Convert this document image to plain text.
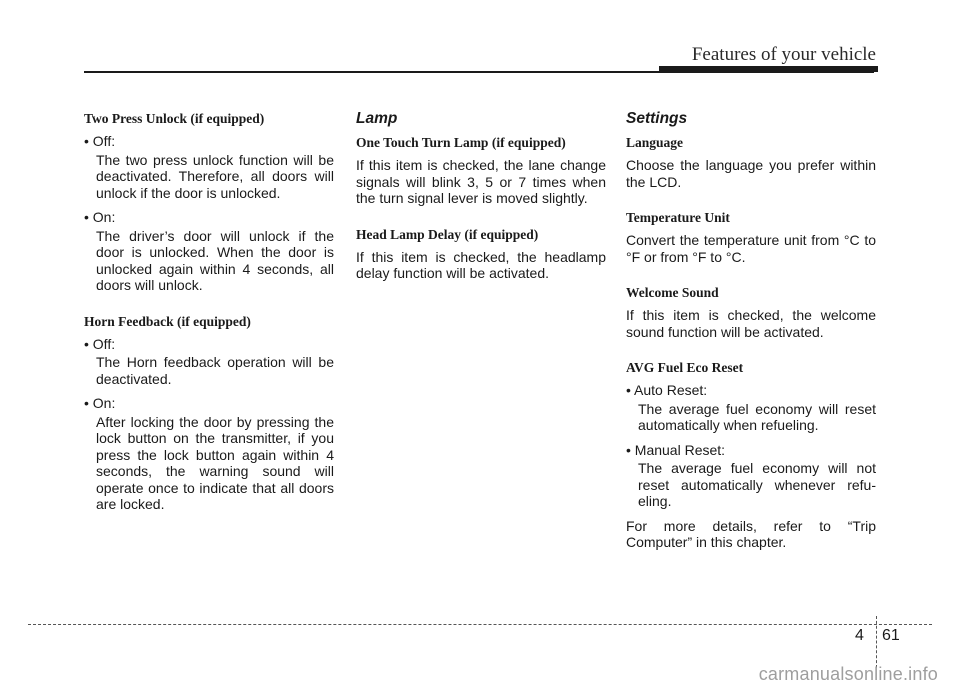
Features of your vehicle
Two Press Unlock (if equipped)
• Off:
The two press unlock function will be deactivated. Therefore, all doors will unlock if the door is unlocked.
• On:
The driver’s door will unlock if the door is unlocked. When the door is unlocked again within 4 seconds, all doors will unlock.
Horn Feedback (if equipped)
• Off:
The Horn feedback operation will be deactivated.
• On:
After locking the door by pressing the lock button on the transmitter, if you press the lock button again within 4 seconds, the warning sound will operate once to indicate that all doors are locked.
Lamp
One Touch Turn Lamp (if equipped)

If this item is checked, the lane change signals will blink 3, 5 or 7 times when the turn signal lever is moved slightly.

Head Lamp Delay (if equipped)

If this item is checked, the headlamp delay function will be activated.

Settings
Language

Choose the language you prefer within the LCD.

Temperature Unit

Convert the temperature unit from °C to °F or from °F to °C.

Welcome Sound

If this item is checked, the welcome sound function will be activated.

AVG Fuel Eco Reset
• Auto Reset:
The average fuel economy will reset automatically when refueling.
• Manual Reset:
The average fuel economy will not reset automatically whenever refu-eling.

For more details, refer to “Trip Computer” in this chapter.

4 61
carmanualsonline.info
